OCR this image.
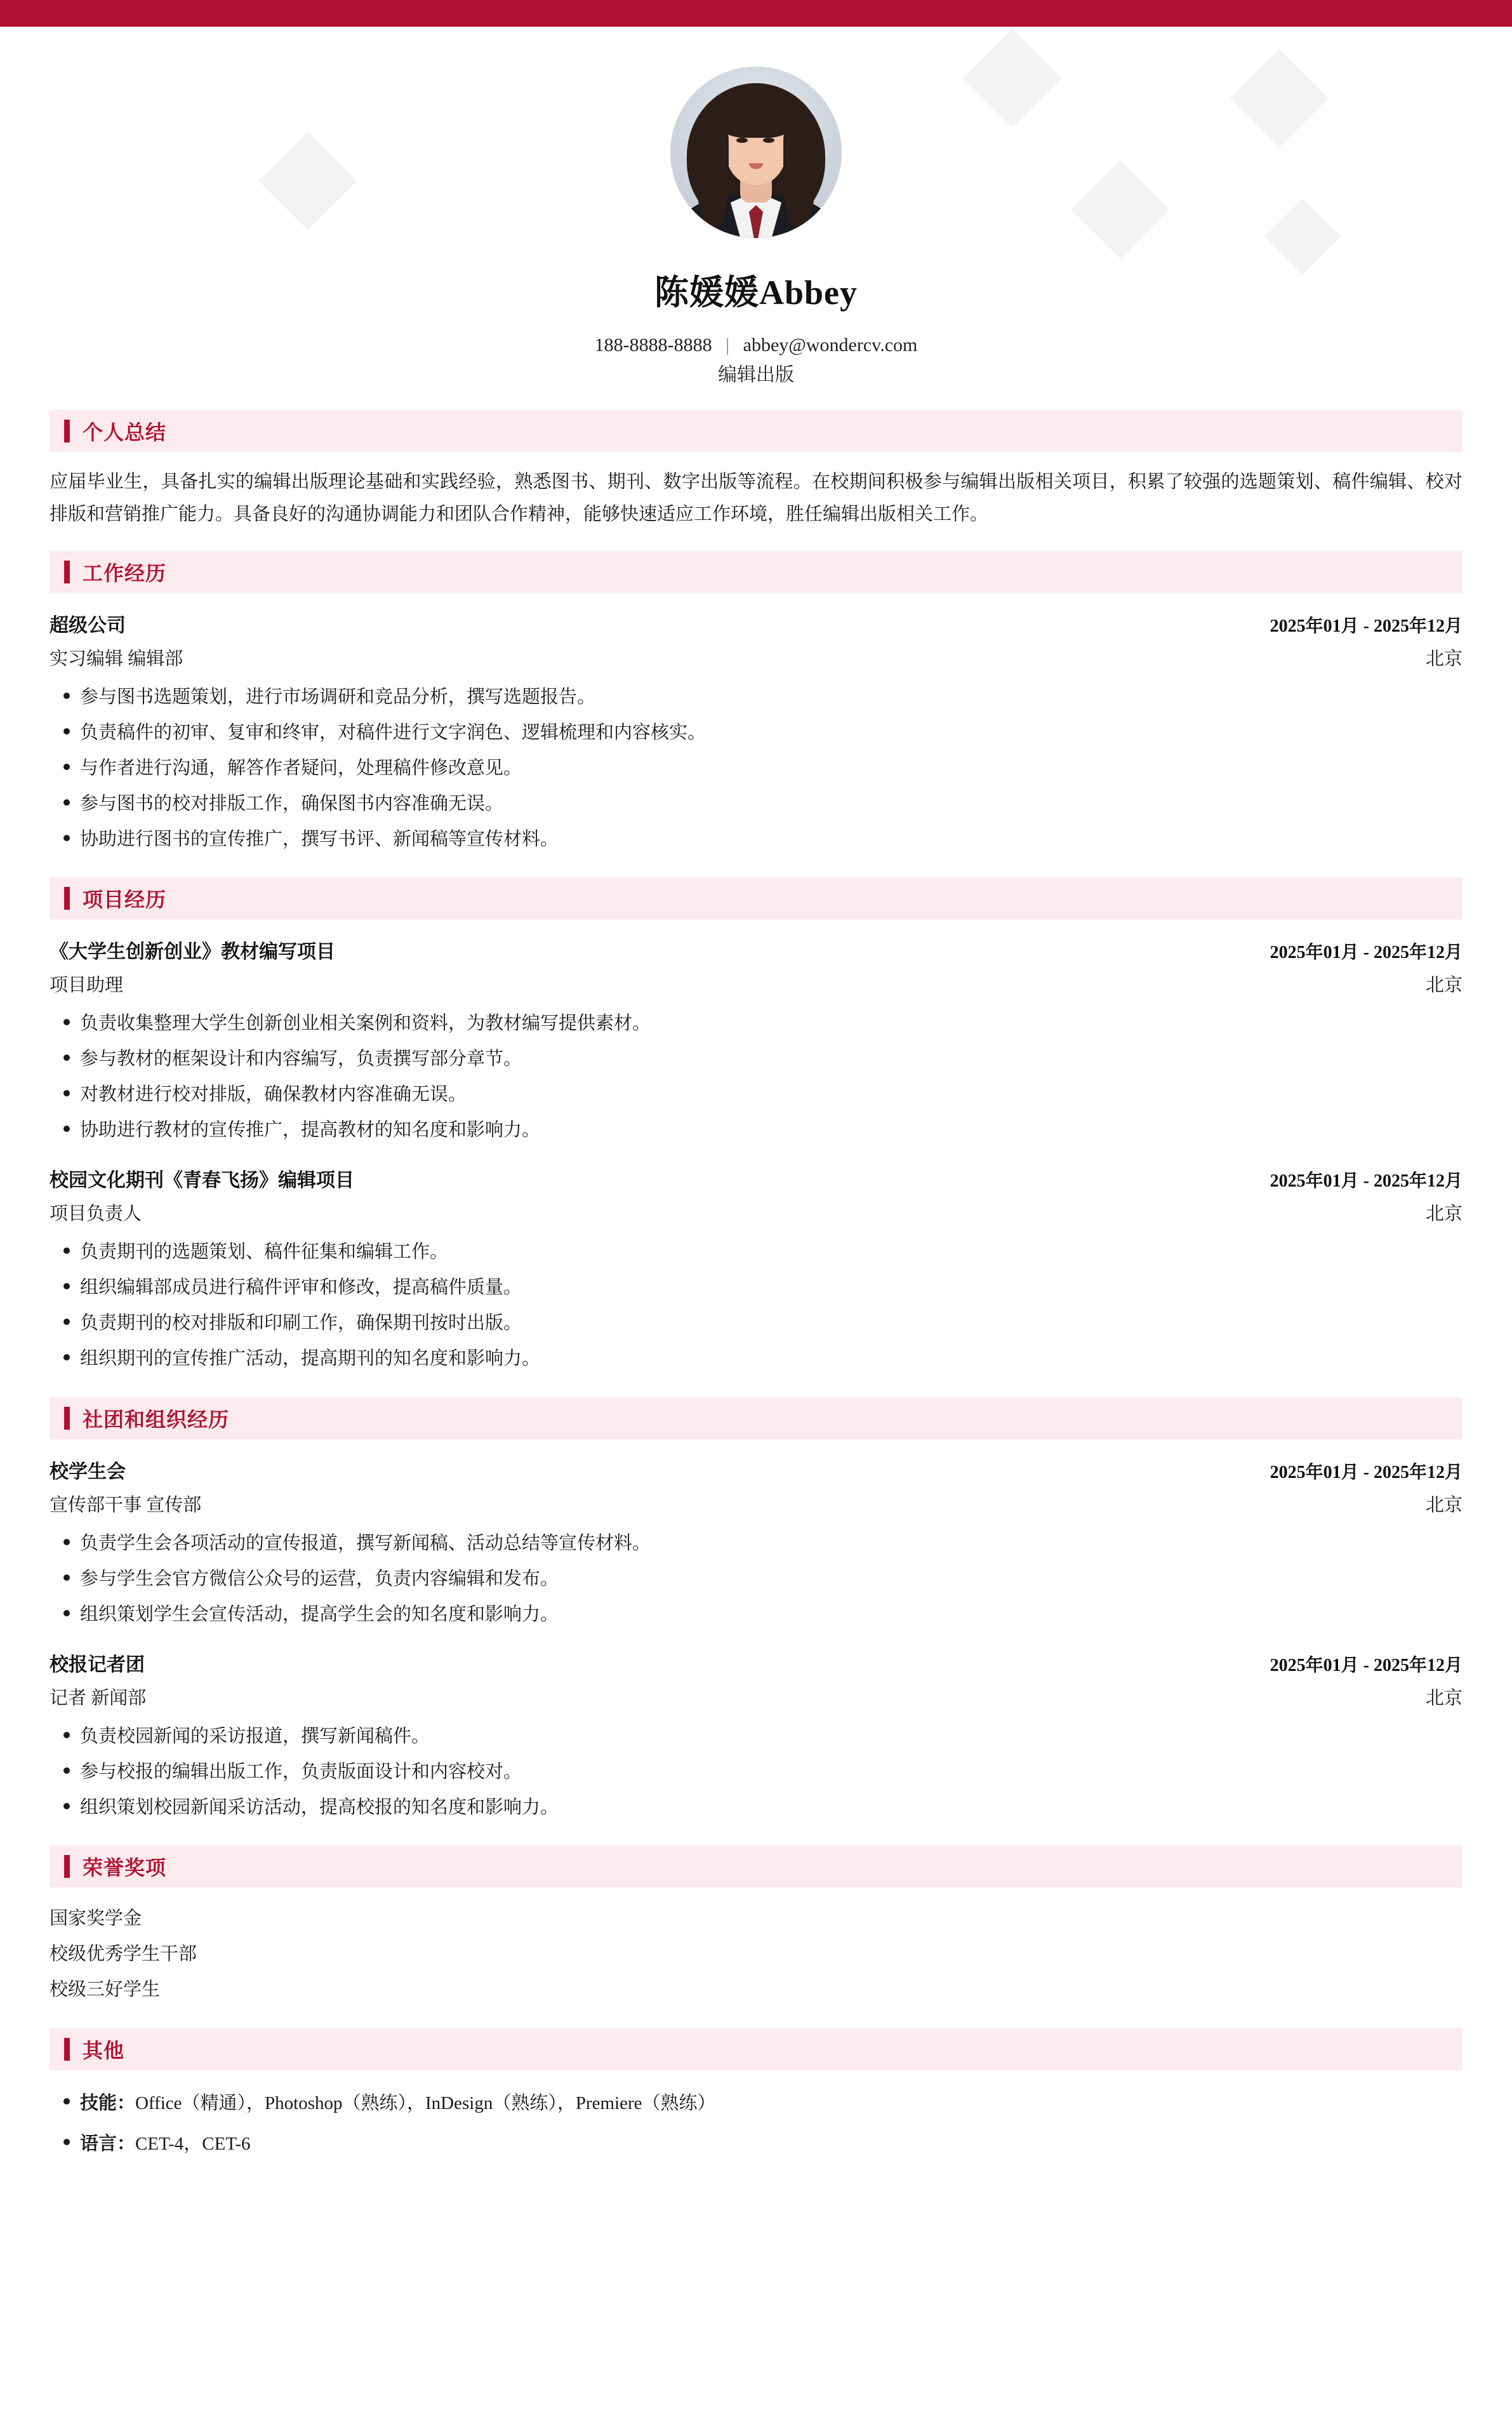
陈媛媛Abbey
188-8888-8888 | abbey@wondercv.com
编辑出版
个人总结

应届毕业生，具备扎实的编辑出版理论基础和实践经验，熟悉图书、期刊、数字出版等流程。在校期间积极参与编辑出版相关项目，积累了较强的选题策划、稿件编辑、校对排版和营销推广能力。具备良好的沟通协调能力和团队合作精神，能够快速适应工作环境，胜任编辑出版相关工作。

工作经历
超级公司	2025年01月 - 2025年12月
实习编辑 编辑部	北京
参与图书选题策划，进行市场调研和竞品分析，撰写选题报告。
负责稿件的初审、复审和终审，对稿件进行文字润色、逻辑梳理和内容核实。
与作者进行沟通，解答作者疑问，处理稿件修改意见。
参与图书的校对排版工作，确保图书内容准确无误。
协助进行图书的宣传推广，撰写书评、新闻稿等宣传材料。
项目经历
《大学生创新创业》教材编写项目	2025年01月 - 2025年12月
项目助理	北京
负责收集整理大学生创新创业相关案例和资料，为教材编写提供素材。
参与教材的框架设计和内容编写，负责撰写部分章节。
对教材进行校对排版，确保教材内容准确无误。
协助进行教材的宣传推广，提高教材的知名度和影响力。
校园文化期刊《青春飞扬》编辑项目	2025年01月 - 2025年12月
项目负责人	北京
负责期刊的选题策划、稿件征集和编辑工作。
组织编辑部成员进行稿件评审和修改，提高稿件质量。
负责期刊的校对排版和印刷工作，确保期刊按时出版。
组织期刊的宣传推广活动，提高期刊的知名度和影响力。
社团和组织经历
校学生会	2025年01月 - 2025年12月
宣传部干事 宣传部	北京
负责学生会各项活动的宣传报道，撰写新闻稿、活动总结等宣传材料。
参与学生会官方微信公众号的运营，负责内容编辑和发布。
组织策划学生会宣传活动，提高学生会的知名度和影响力。
校报记者团	2025年01月 - 2025年12月
记者 新闻部	北京
负责校园新闻的采访报道，撰写新闻稿件。
参与校报的编辑出版工作，负责版面设计和内容校对。
组织策划校园新闻采访活动，提高校报的知名度和影响力。
荣誉奖项
国家奖学金
校级优秀学生干部
校级三好学生
其他
技能：Office（精通），Photoshop（熟练），InDesign（熟练），Premiere（熟练）
语言：CET-4，CET-6
